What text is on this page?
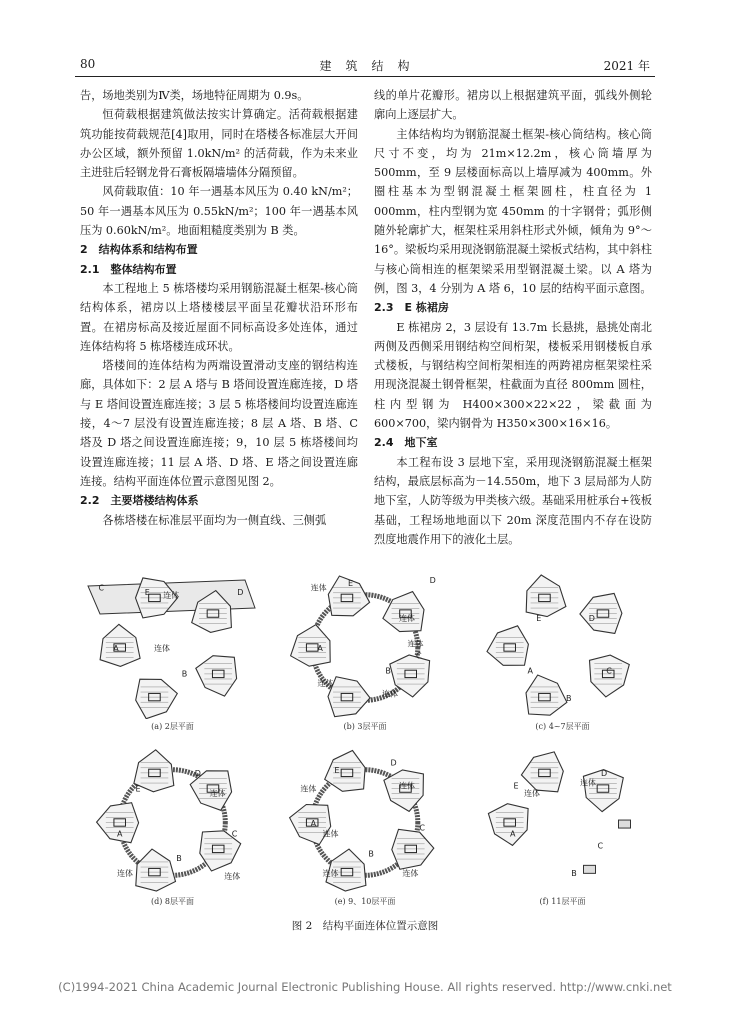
80	建　筑　结　构	2021 年

告，场地类别为Ⅳ类，场地特征周期为 0.9s。

恒荷载根据建筑做法按实计算确定。活荷载根据建筑功能按荷载规范[4]取用，同时在塔楼各标准层大开间办公区域，额外预留 1.0kN/m² 的活荷载，作为未来业主进驻后轻钢龙骨石膏板隔墙墙体分隔预留。

风荷载取值：10 年一遇基本风压为 0.40 kN/m²；50 年一遇基本风压为 0.55kN/m²；100 年一遇基本风压为 0.60kN/m²。地面粗糙度类别为 B 类。

2　结构体系和结构布置

2.1　整体结构布置

本工程地上 5 栋塔楼均采用钢筋混凝土框架-核心筒结构体系，裙房以上塔楼楼层平面呈花瓣状沿环形布置。在裙房标高及接近屋面不同标高设多处连体，通过连体结构将 5 栋塔楼连成环状。

塔楼间的连体结构为两端设置滑动支座的钢结构连廊，具体如下：2 层 A 塔与 B 塔间设置连廊连接，D 塔与 E 塔间设置连廊连接；3 层 5 栋塔楼间均设置连廊连接，4～7 层没有设置连廊连接；8 层 A 塔、B 塔、C 塔及 D 塔之间设置连廊连接；9，10 层 5 栋塔楼间均设置连廊连接；11 层 A 塔、D 塔、E 塔之间设置连廊连接。结构平面连体位置示意图见图 2。

2.2　主要塔楼结构体系

各栋塔楼在标准层平面均为一侧直线、三侧弧

线的单片花瓣形。裙房以上根据建筑平面，弧线外侧轮廓向上逐层扩大。

主体结构均为钢筋混凝土框架-核心筒结构。核心筒尺寸不变，均为 21m×12.2m，核心筒墙厚为 500mm，至 9 层楼面标高以上墙厚减为 400mm。外圈柱基本为型钢混凝土框架圆柱，柱直径为 1 000mm，柱内型钢为宽 450mm 的十字钢骨；弧形侧随外轮廓扩大，框架柱采用斜柱形式外倾，倾角为 9°～16°。梁板均采用现浇钢筋混凝土梁板式结构，其中斜柱与核心筒相连的框架梁采用型钢混凝土梁。以 A 塔为例，图 3，4 分别为 A 塔 6，10 层的结构平面示意图。

2.3　E 栋裙房

E 栋裙房 2，3 层设有 13.7m 长悬挑，悬挑处南北两侧及西侧采用钢结构空间桁架，楼板采用钢楼板自承式楼板，与钢结构空间桁架相连的两跨裙房框架梁柱采用现浇混凝土钢骨框架，柱截面为直径 800mm 圆柱，柱内型钢为 H400×300×22×22，梁截面为 600×700，梁内钢骨为 H350×300×16×16。

2.4　地下室

本工程布设 3 层地下室，采用现浇钢筋混凝土框架结构，最底层标高为－14.550m，地下 3 层局部为人防地下室，人防等级为甲类核六级。基础采用桩承台+筏板基础，工程场地地面以下 20m 深度范围内不存在设防烈度地震作用下的液化土层。

连体
连体
D
E
A
B
C
(a) 2层平面
连体
连体
连体
连体
连体
D
E
A
B
C
(b) 3层平面
E	D
A	C
B
(c) 4~7层平面
连体
连体	连体
E
D
A	C
B
(d) 8层平面
连体	连体
连体
连体	连体
E
D
A	C
B
(e) 9、10层平面
连体
连体
E
D
A
C
B
(f) 11层平面
图 2　结构平面连体位置示意图
(C)1994-2021 China Academic Journal Electronic Publishing House. All rights reserved. http://www.cnki.net
